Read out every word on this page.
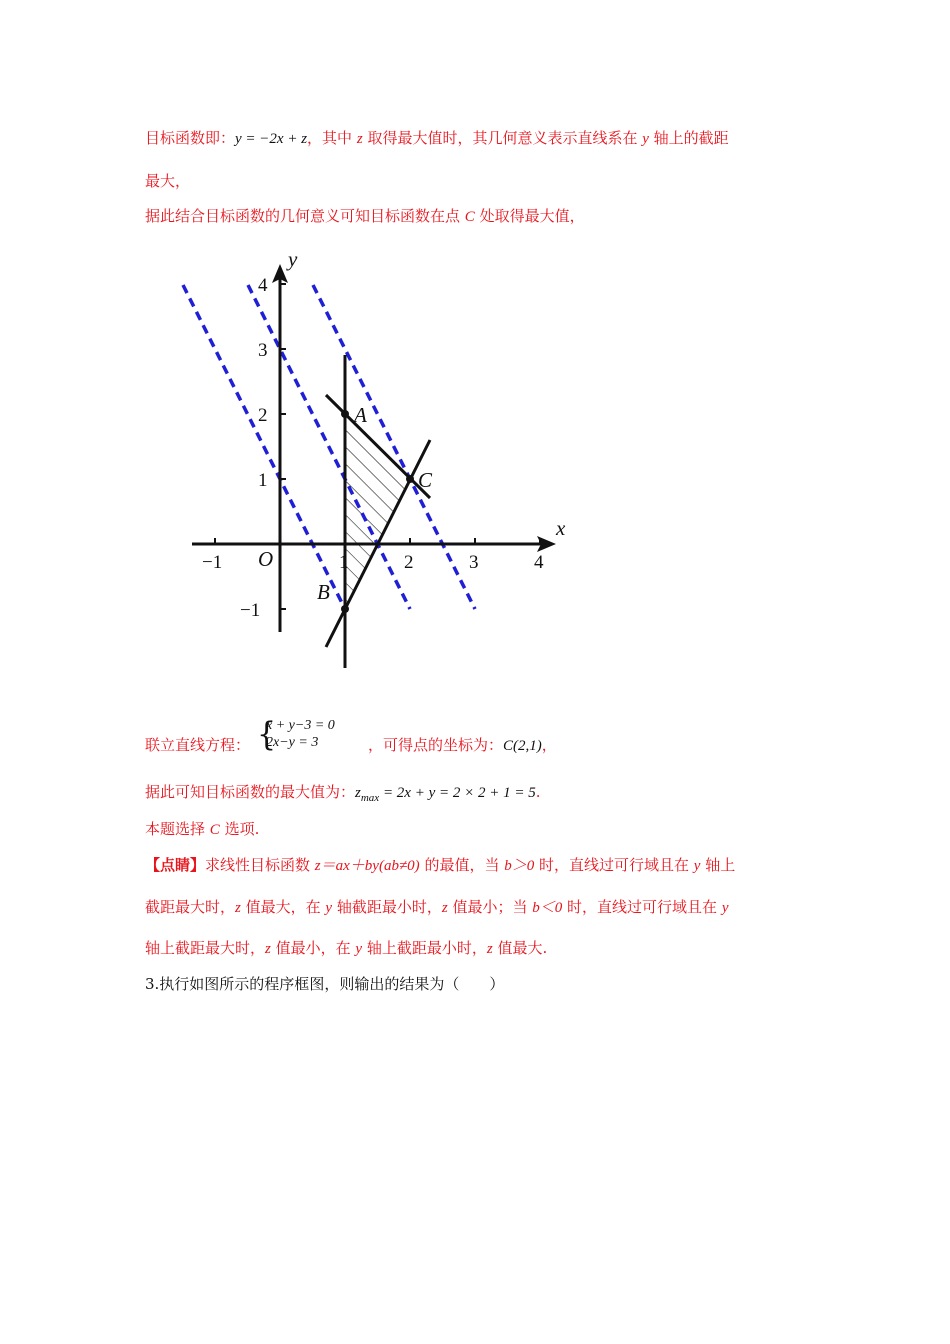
目标函数即：y = −2x + z，其中 z 取得最大值时，其几何意义表示直线系在 y 轴上的截距
最大，
据此结合目标函数的几何意义可知目标函数在点 C 处取得最大值，
x
y
O
−1	1	2	3	4
−1
1
2
3
4
A
B
C
联立直线方程： {
x + y−3 = 0
2x−y = 3	，可得点的坐标为：C(2,1)，
据此可知目标函数的最大值为：$z_{max} = 2x + y = 2 \times 2 + 1 = 5$.
本题选择 C 选项.
【点睛】求线性目标函数 z＝ax＋by(ab≠0) 的最值，当 b＞0 时，直线过可行域且在 y 轴上
截距最大时，z 值最大，在 y 轴截距最小时，z 值最小；当 b＜0 时，直线过可行域且在 y
轴上截距最大时，z 值最小，在 y 轴上截距最小时，z 值最大.
3.执行如图所示的程序框图，则输出的结果为（　　）
